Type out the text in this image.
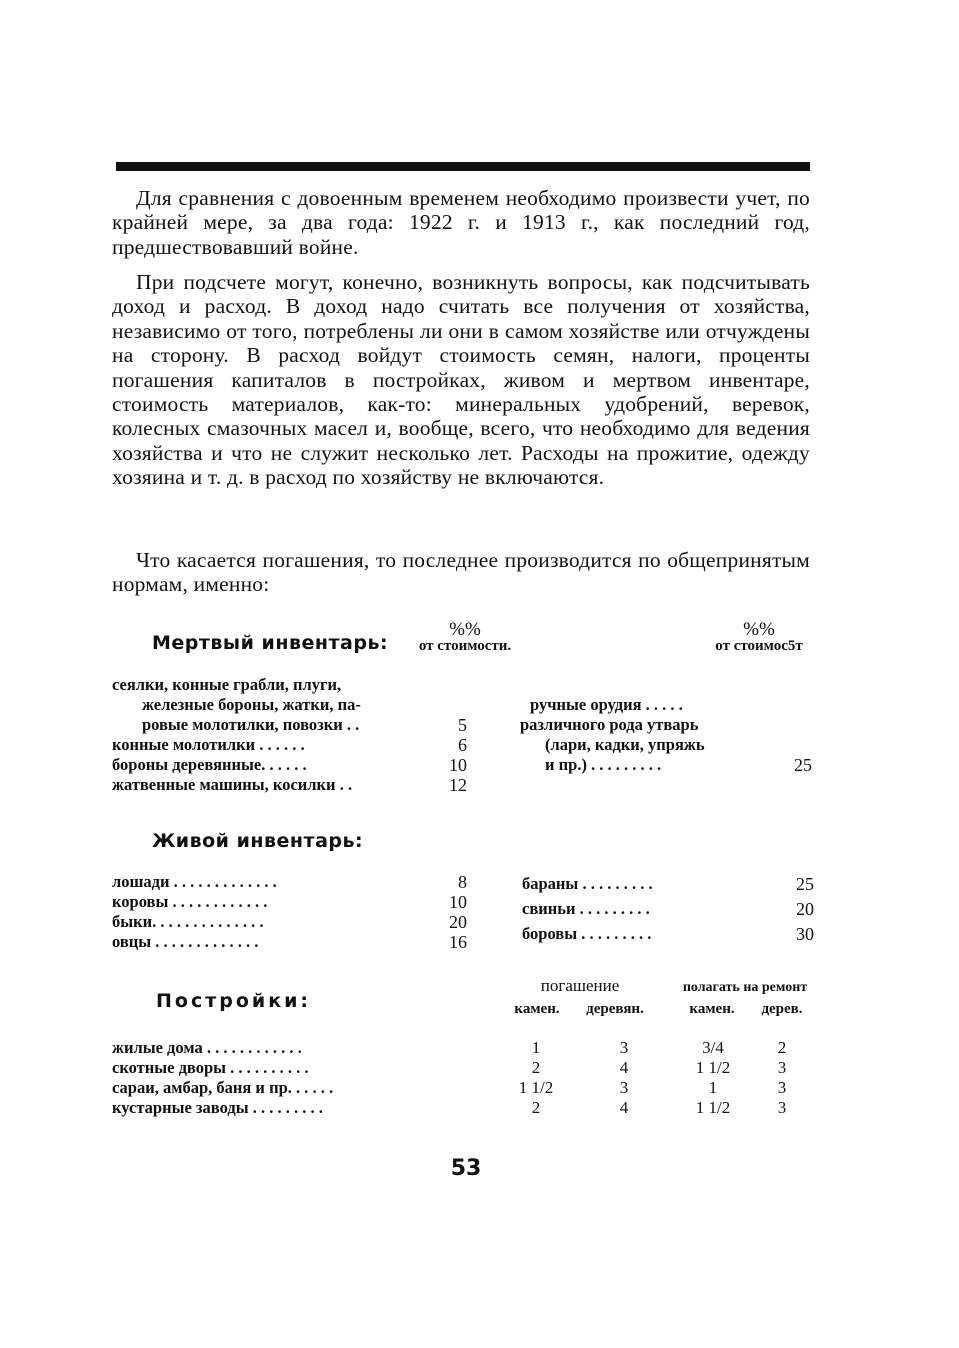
Для сравнения с довоенным временем необходимо произвести учет, по крайней мере, за два года: 1922 г. и 1913 г., как последний год, предшествовавший войне.

При подсчете могут, конечно, возникнуть вопросы, как подсчитывать доход и расход. В доход надо считать все получения от хозяйства, независимо от того, потреблены ли они в самом хозяйстве или отчуждены на сторону. В расход войдут стоимость семян, налоги, проценты погашения капиталов в постройках, живом и мертвом инвентаре, стоимость материалов, как-то: минеральных удобрений, веревок, колесных смазочных масел и, вообще, всего, что необходимо для ведения хозяйства и что не служит несколько лет. Расходы на прожитие, одежду хозяина и т. д. в расход по хозяйству не включаются.

Что касается погашения, то последнее производится по общепринятым нормам, именно:

Мертвый инвентарь:
%%
от стоимости.
%%
от стоимос5т
сеялки, конные грабли, плуги,
железные бороны, жатки, па-
ровые молотилки, повозки . .	5
конные молотилки . . . . . .	6
бороны деревянные. . . . . .	10
жатвенные машины, косилки . .	12
ручные орудия . . . . .
различного рода утварь
(лари, кадки, упряжь
и пр.) . . . . . . . . .	25
Живой инвентарь:
лошади . . . . . . . . . . . . .	8
коровы . . . . . . . . . . . .	10
быки. . . . . . . . . . . . . .	20
овцы . . . . . . . . . . . . .	16
бараны . . . . . . . . .	25
свиньи . . . . . . . . .	20
боровы . . . . . . . . .	30
Постройки:
погашение	полагать на ремонт
камен.	деревян.	камен.	дерев.
жилые дома . . . . . . . . . . . .	1	3	3/4	2
скотные дворы . . . . . . . . . .	2	4	1 1/2	3
сараи, амбар, баня и пр. . . . . .	1 1/2	3	1	3
кустарные заводы . . . . . . . . .	2	4	1 1/2	3
53
